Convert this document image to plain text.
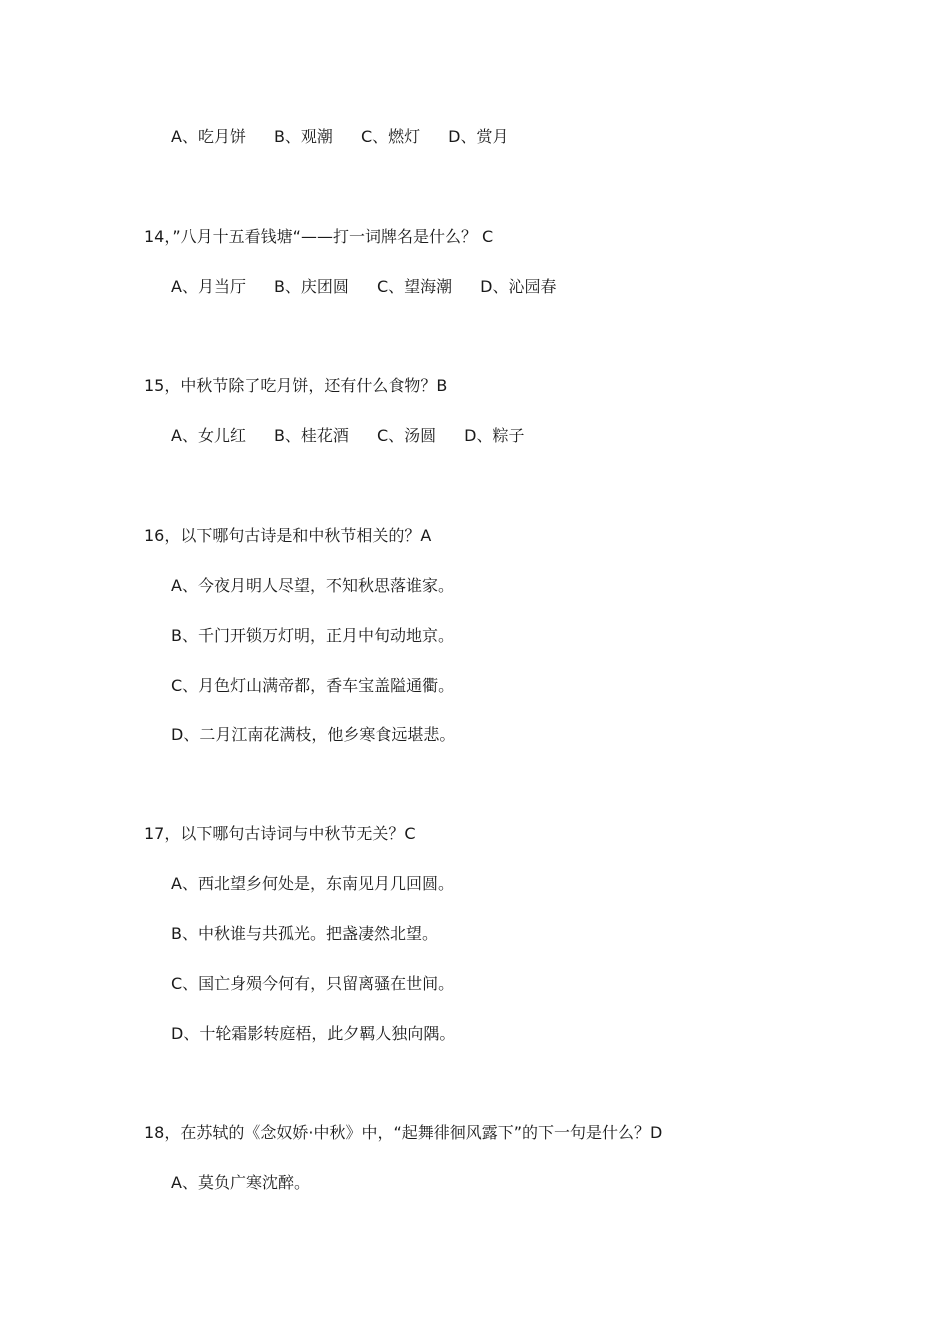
A、吃月饼 B、观潮 C、燃灯 D、赏月
14，”八月十五看钱塘“——打一词牌名是什么？ C
A、月当厅 B、庆团圆 C、望海潮 D、沁园春
15，中秋节除了吃月饼，还有什么食物？B
A、女儿红 B、桂花酒 C、汤圆 D、粽子
16，以下哪句古诗是和中秋节相关的？A
A、今夜月明人尽望，不知秋思落谁家。
B、千门开锁万灯明，正月中旬动地京。
C、月色灯山满帝都，香车宝盖隘通衢。
D、二月江南花满枝，他乡寒食远堪悲。
17，以下哪句古诗词与中秋节无关？C
A、西北望乡何处是，东南见月几回圆。
B、中秋谁与共孤光。把盏凄然北望。
C、国亡身殒今何有，只留离骚在世间。
D、十轮霜影转庭梧，此夕羁人独向隅。
18，在苏轼的《念奴娇·中秋》中，“起舞徘徊风露下”的下一句是什么？D
A、莫负广寒沈醉。
